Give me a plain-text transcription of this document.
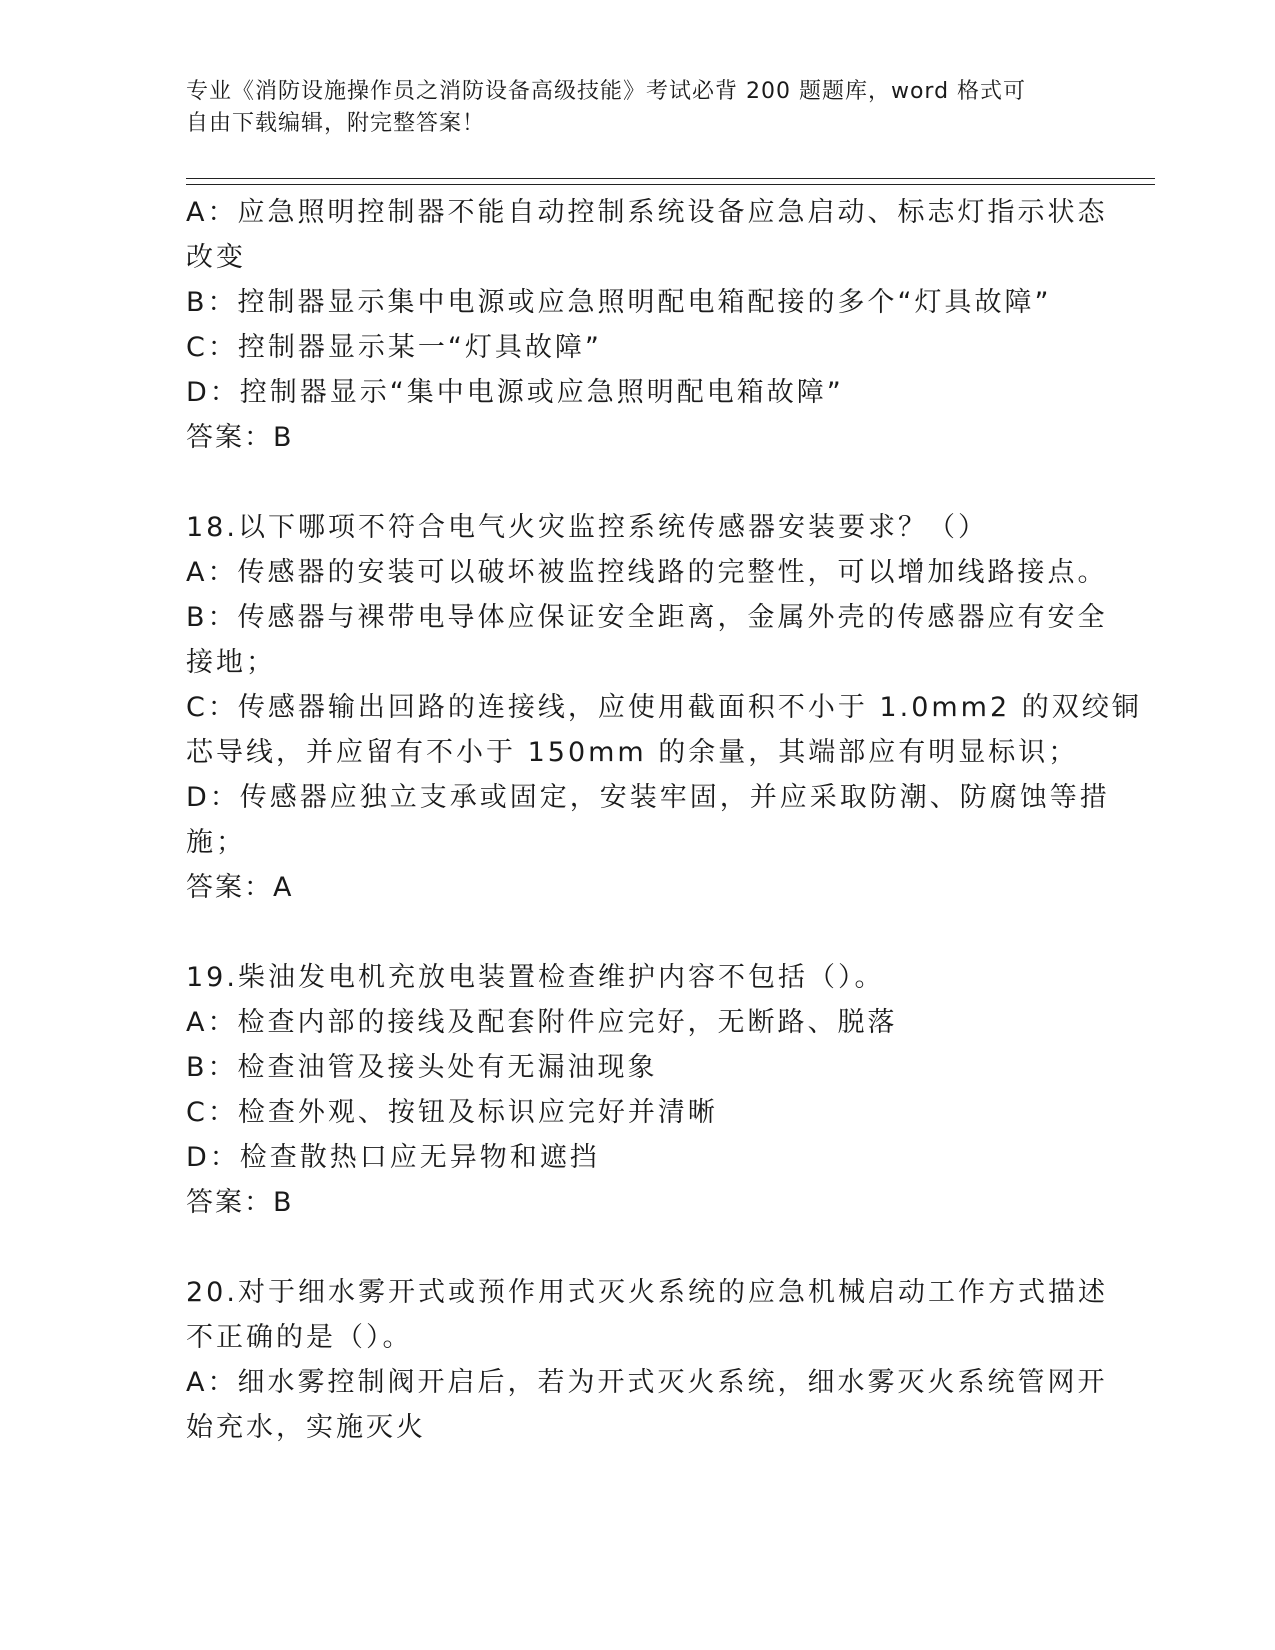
专业《消防设施操作员之消防设备高级技能》考试必背 200 题题库，word 格式可
自由下载编辑，附完整答案！
A：应急照明控制器不能自动控制系统设备应急启动、标志灯指示状态
改变
B：控制器显示集中电源或应急照明配电箱配接的多个“灯具故障”
C：控制器显示某一“灯具故障”
D：控制器显示“集中电源或应急照明配电箱故障”
答案：B
18.以下哪项不符合电气火灾监控系统传感器安装要求？（）
A：传感器的安装可以破坏被监控线路的完整性，可以增加线路接点。
B：传感器与裸带电导体应保证安全距离，金属外壳的传感器应有安全
接地；
C：传感器输出回路的连接线，应使用截面积不小于 1.0mm2 的双绞铜
芯导线，并应留有不小于 150mm 的余量，其端部应有明显标识；
D：传感器应独立支承或固定，安装牢固，并应采取防潮、防腐蚀等措
施；
答案：A
19.柴油发电机充放电装置检查维护内容不包括（）。
A：检查内部的接线及配套附件应完好，无断路、脱落
B：检查油管及接头处有无漏油现象
C：检查外观、按钮及标识应完好并清晰
D：检查散热口应无异物和遮挡
答案：B
20.对于细水雾开式或预作用式灭火系统的应急机械启动工作方式描述
不正确的是（）。
A：细水雾控制阀开启后，若为开式灭火系统，细水雾灭火系统管网开
始充水，实施灭火
